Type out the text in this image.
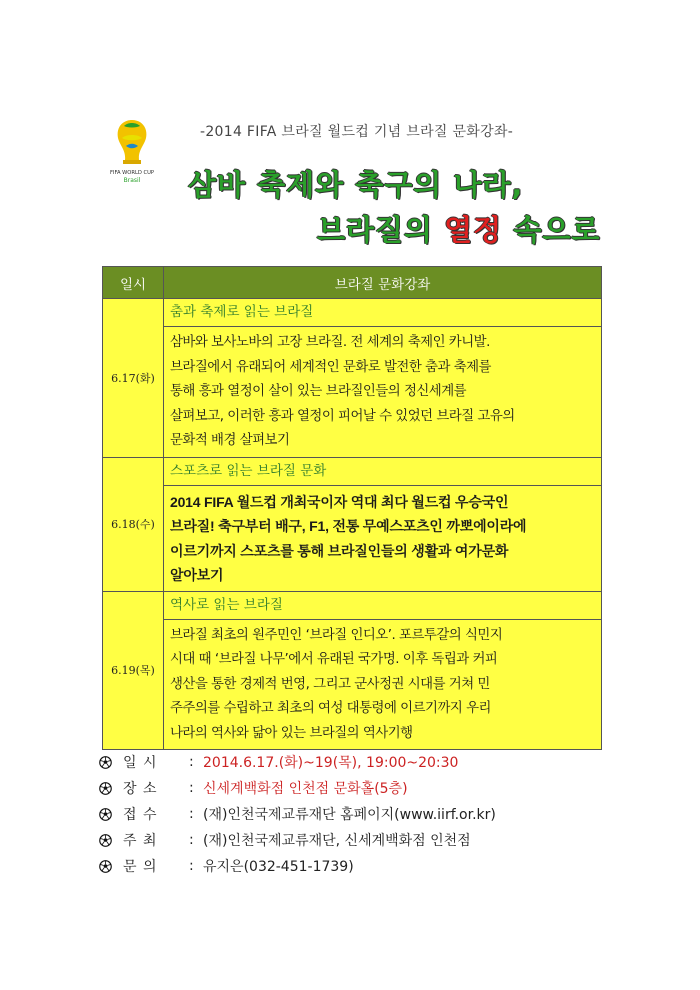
FIFA WORLD CUP
Brasil
-2014 FIFA 브라질 월드컵 기념 브라질 문화강좌-
삼바 축제와 축구의 나라,
브라질의 열정 속으로
일시	브라질 문화강좌
6.17(화)	춤과 축제로 읽는 브라질

	삼바와 보사노바의 고장 브라질. 전 세계의 축제인 카니발.
브라질에서 유래되어 세계적인 문화로 발전한 춤과 축제를
통해 흥과 열정이 살이 있는 브라질인들의 정신세계를
살펴보고, 이러한 흥과 열정이 피어날 수 있었던 브라질 고유의
문화적 배경 살펴보기

6.18(수)	스포츠로 읽는 브라질 문화

	2014 FIFA 월드컵 개최국이자 역대 최다 월드컵 우승국인
브라질! 축구부터 배구, F1, 전통 무예스포츠인 까뽀에이라에
이르기까지 스포츠를 통해 브라질인들의 생활과 여가문화
알아보기

6.19(목)	역사로 읽는 브라질

	브라질 최초의 원주민인 ‘브라질 인디오’. 포르투갈의 식민지
시대 때 ‘브라질 나무’에서 유래된 국가명. 이후 독립과 커피
생산을 통한 경제적 번영, 그리고 군사정권 시대를 거쳐 민
주주의를 수립하고 최초의 여성 대통령에 이르기까지 우리
나라의 역사와 닮아 있는 브라질의 역사기행
일 시	: 2014.6.17.(화)~19(목), 19:00~20:30
장 소	: 신세계백화점 인천점 문화홀(5층)
접 수	: (재)인천국제교류재단 홈페이지(www.iirf.or.kr)
주 최	: (재)인천국제교류재단, 신세계백화점 인천점
문 의	: 유지은(032-451-1739)
